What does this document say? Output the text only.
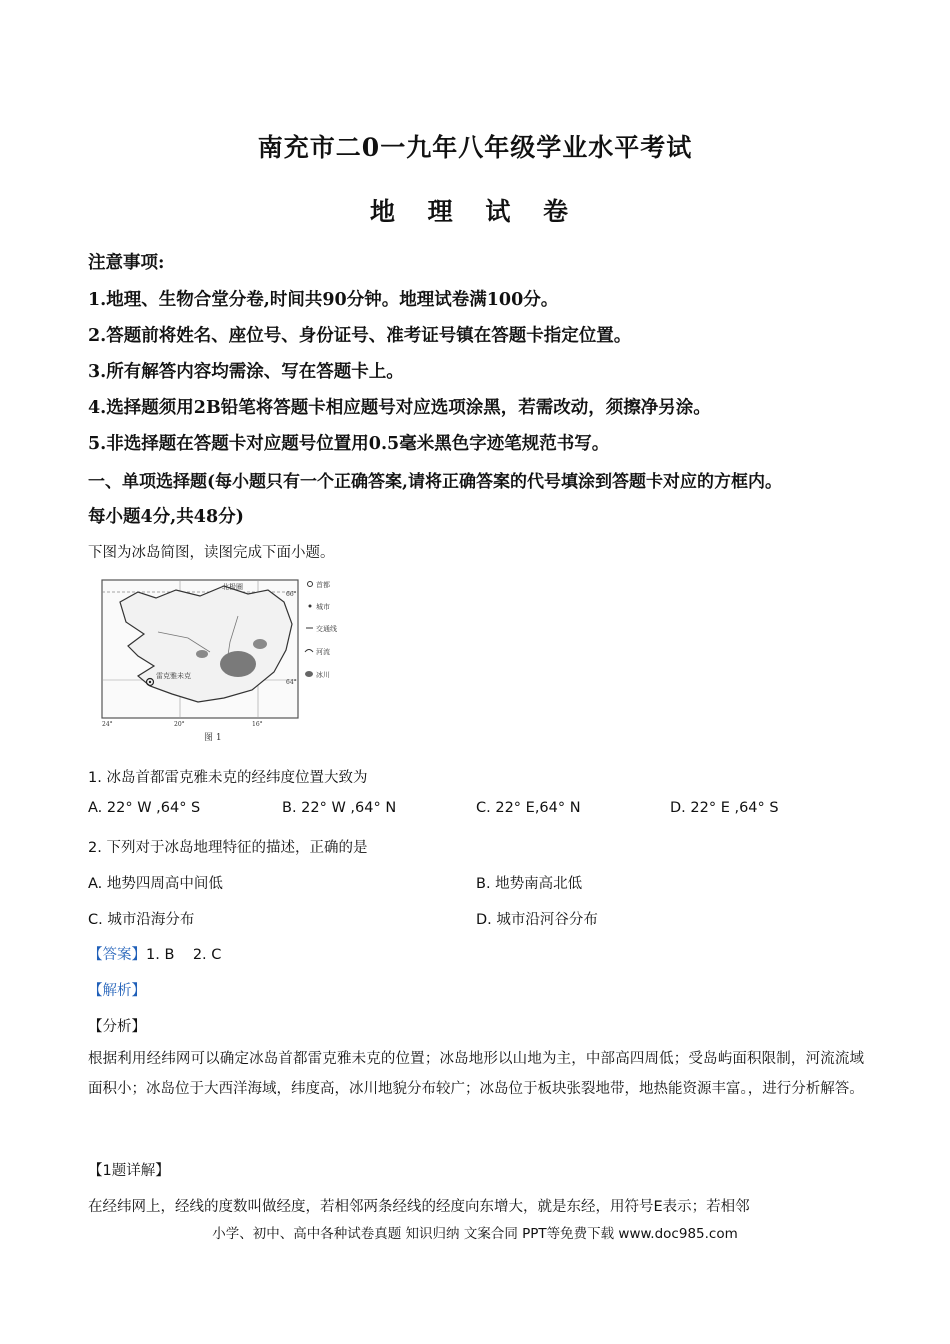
南充市二0一九年八年级学业水平考试
地 理 试 卷
注意事项:
1.地理、生物合堂分卷,时间共90分钟。地理试卷满100分。
2.答题前将姓名、座位号、身份证号、准考证号镇在答题卡指定位置。
3.所有解答内容均需涂、写在答题卡上。
4.选择题须用2B铅笔将答题卡相应题号对应选项涂黑，若需改动，须擦净另涂。
5.非选择题在答题卡对应题号位置用0.5毫米黑色字迹笔规范书写。
一、单项选择题(每小题只有一个正确答案,请将正确答案的代号填涂到答题卡对应的方框内。
每小题4分,共48分)
下图为冰岛简图，读图完成下面小题。
雷克雅未克
北极圈
66°
64°
24°	20°	16°
首都
城市
交通线
河流
冰川
图 1
1. 冰岛首都雷克雅未克的经纬度位置大致为
A. 22° W ,64° S	B. 22° W ,64° N	C. 22° E,64° N	D. 22° E ,64° S
2. 下列对于冰岛地理特征的描述，正确的是
A. 地势四周高中间低	B. 地势南高北低
C. 城市沿海分布	D. 城市沿河谷分布
【答案】1. B    2. C
【解析】
【分析】
根据利用经纬网可以确定冰岛首都雷克雅未克的位置；冰岛地形以山地为主，中部高四周低；受岛屿面积限制，河流流域面积小；冰岛位于大西洋海域，纬度高，冰川地貌分布较广；冰岛位于板块张裂地带，地热能资源丰富。，进行分析解答。
【1题详解】
在经纬网上，经线的度数叫做经度，若相邻两条经线的经度向东增大，就是东经，用符号E表示；若相邻
小学、初中、高中各种试卷真题 知识归纳 文案合同 PPT等免费下载 www.doc985.com
